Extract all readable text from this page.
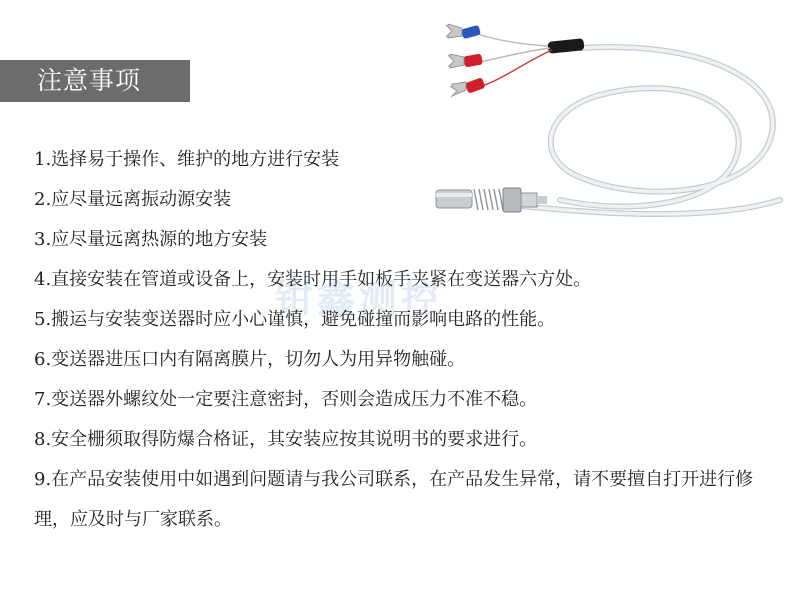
注意事项
钳鑫测控
1.选择易于操作、维护的地方进行安装
2.应尽量远离振动源安装
3.应尽量远离热源的地方安装
4.直接安装在管道或设备上，安装时用手如板手夹紧在变送器六方处。
5.搬运与安装变送器时应小心谨慎，避免碰撞而影响电路的性能。
6.变送器进压口内有隔离膜片，切勿人为用异物触碰。
7.变送器外螺纹处一定要注意密封，否则会造成压力不准不稳。
8.安全栅须取得防爆合格证，其安装应按其说明书的要求进行。
9.在产品安装使用中如遇到问题请与我公司联系，在产品发生异常，请不要擅自打开进行修理，应及时与厂家联系。
